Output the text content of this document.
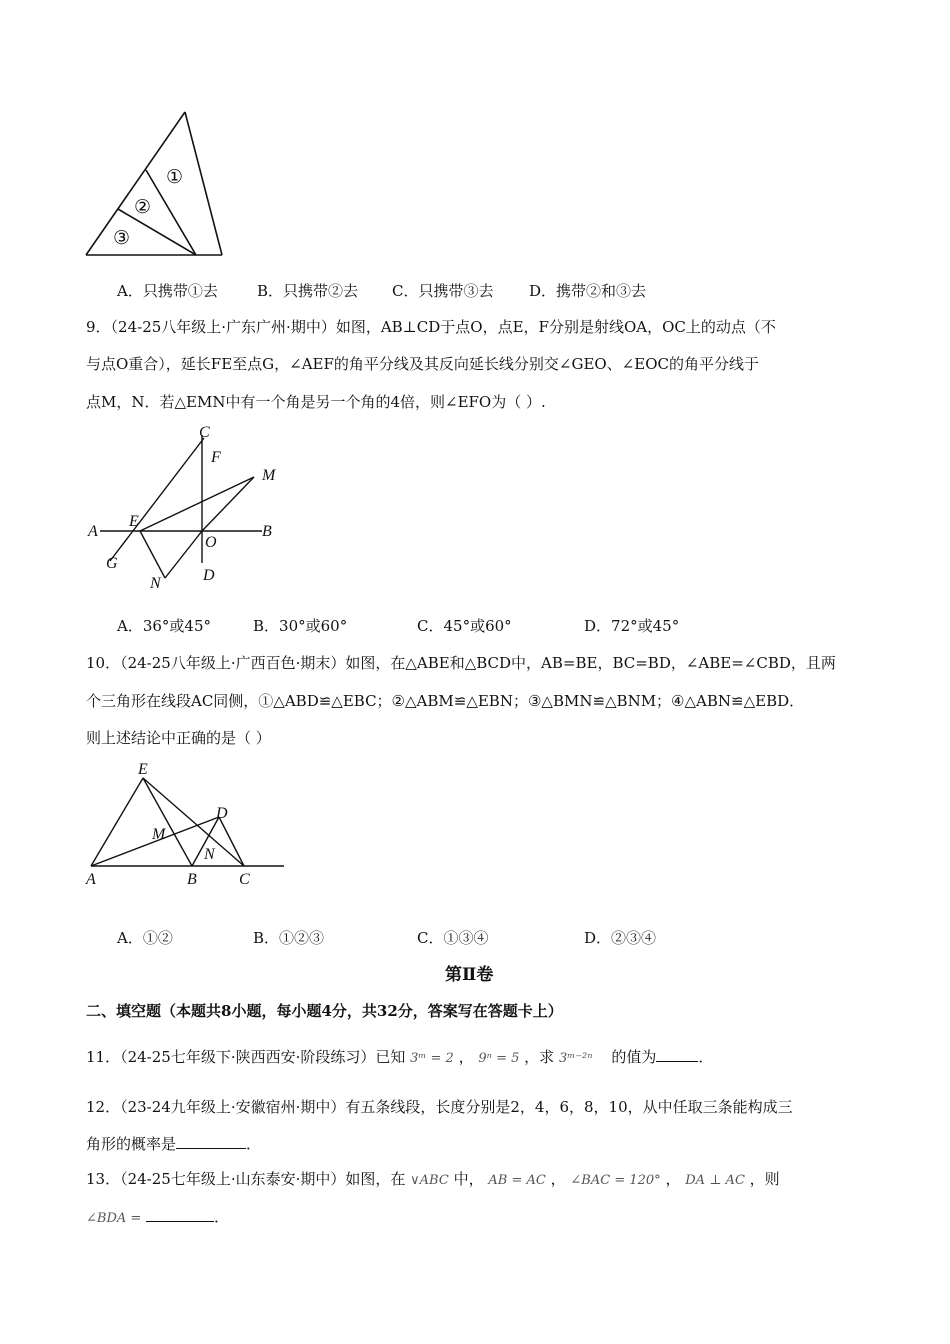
①
②
③
A．只携带①去	B．只携带②去 C．只携带③去 D．携带②和③去
9．（24-25八年级上·广东广州·期中）如图，AB⊥CD于点O，点E，F分别是射线OA，OC上的动点（不
与点O重合），延长FE至点G，∠AEF的角平分线及其反向延长线分别交∠GEO、∠EOC的角平分线于
点M，N．若△EMN中有一个角是另一个角的4倍，则∠EFO为（ ）.
C
F
M
A
E
B
O
G
N	D
A．36°或45°	B．30°或60°	C．45°或60°	D．72°或45°
10．（24-25八年级上·广西百色·期末）如图，在△ABE和△BCD中，AB=BE，BC=BD，∠ABE=∠CBD，且两
个三角形在线段AC同侧，①△ABD≌△EBC；②△ABM≌△EBN；③△BMN≌△BNM；④△ABN≌△EBD．
则上述结论中正确的是（ ）
E
D
M
N
A	B	C
A．①②	B．①②③	C．①③④	D．②③④
第Ⅱ卷
二、填空题（本题共8小题，每小题4分，共32分，答案写在答题卡上）
11．（24-25七年级下·陕西西安·阶段练习）已知 3ᵐ = 2 ， 9ⁿ = 5 ，求 3ᵐ⁻²ⁿ 的值为	．
12．（23-24九年级上·安徽宿州·期中）有五条线段，长度分别是2，4，6，8，10，从中任取三条能构成三
角形的概率是	．
13．（24-25七年级上·山东泰安·期中）如图，在 ∨ABC 中， AB = AC ， ∠BAC = 120° ， DA ⊥ AC ，则
∠BDA =	．
